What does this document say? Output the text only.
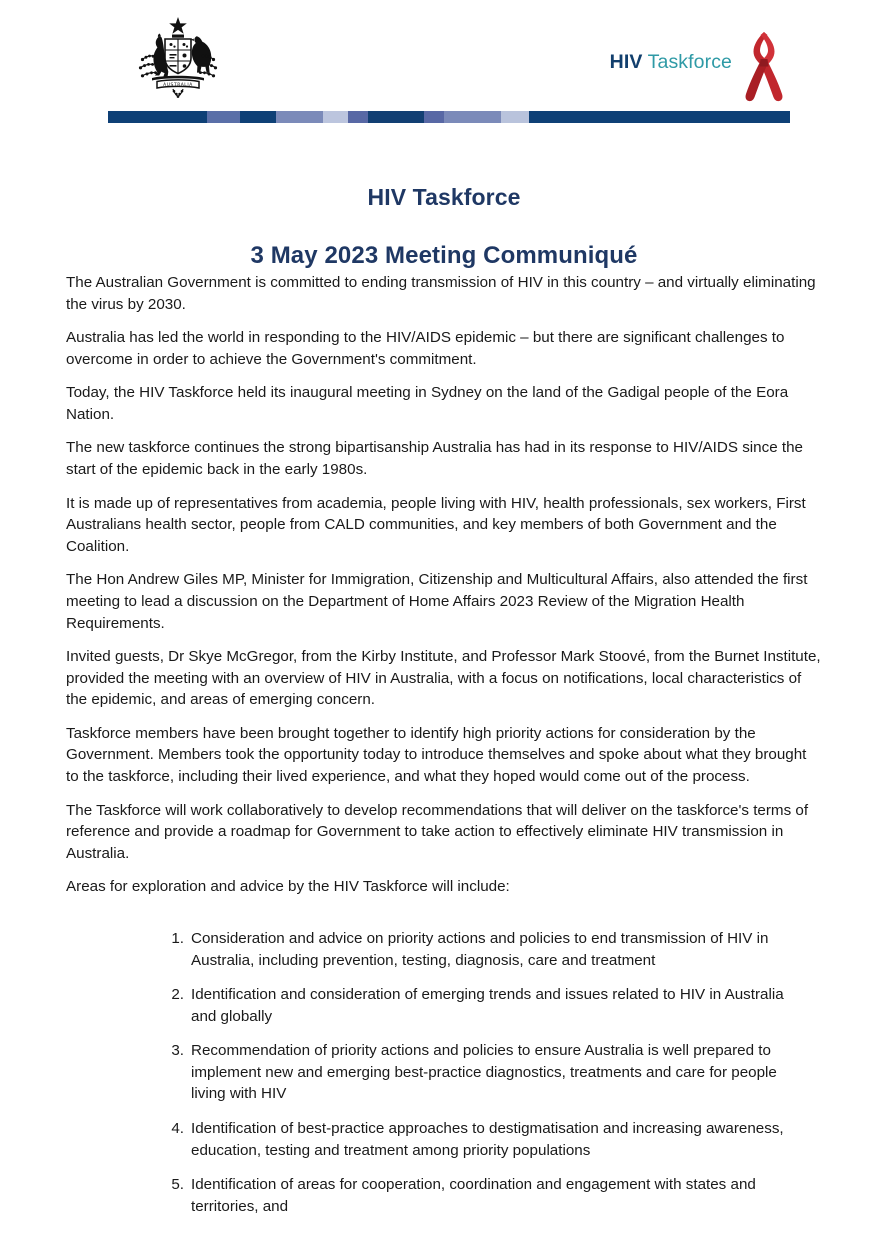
AUSTRALIA
HIV Taskforce
HIV Taskforce
3 May 2023 Meeting Communiqué

The Australian Government is committed to ending transmission of HIV in this country – and virtually eliminating the virus by 2030.

Australia has led the world in responding to the HIV/AIDS epidemic – but there are significant challenges to overcome in order to achieve the Government's commitment.

Today, the HIV Taskforce held its inaugural meeting in Sydney on the land of the Gadigal people of the Eora Nation.

The new taskforce continues the strong bipartisanship Australia has had in its response to HIV/AIDS since the start of the epidemic back in the early 1980s.

It is made up of representatives from academia, people living with HIV, health professionals, sex workers, First Australians health sector, people from CALD communities, and key members of both Government and the Coalition.

The Hon Andrew Giles MP, Minister for Immigration, Citizenship and Multicultural Affairs, also attended the first meeting to lead a discussion on the Department of Home Affairs 2023 Review of the Migration Health Requirements.

Invited guests, Dr Skye McGregor, from the Kirby Institute, and Professor Mark Stoové, from the Burnet Institute, provided the meeting with an overview of HIV in Australia, with a focus on notifications, local characteristics of the epidemic, and areas of emerging concern.

Taskforce members have been brought together to identify high priority actions for consideration by the Government. Members took the opportunity today to introduce themselves and spoke about what they brought to the taskforce, including their lived experience, and what they hoped would come out of the process.

The Taskforce will work collaboratively to develop recommendations that will deliver on the taskforce's terms of reference and provide a roadmap for Government to take action to effectively eliminate HIV transmission in Australia.

Areas for exploration and advice by the HIV Taskforce will include:

1. Consideration and advice on priority actions and policies to end transmission of HIV in Australia, including prevention, testing, diagnosis, care and treatment
2. Identification and consideration of emerging trends and issues related to HIV in Australia and globally
3. Recommendation of priority actions and policies to ensure Australia is well prepared to implement new and emerging best-practice diagnostics, treatments and care for people living with HIV
4. Identification of best-practice approaches to destigmatisation and increasing awareness, education, testing and treatment among priority populations
5. Identification of areas for cooperation, coordination and engagement with states and territories, and
